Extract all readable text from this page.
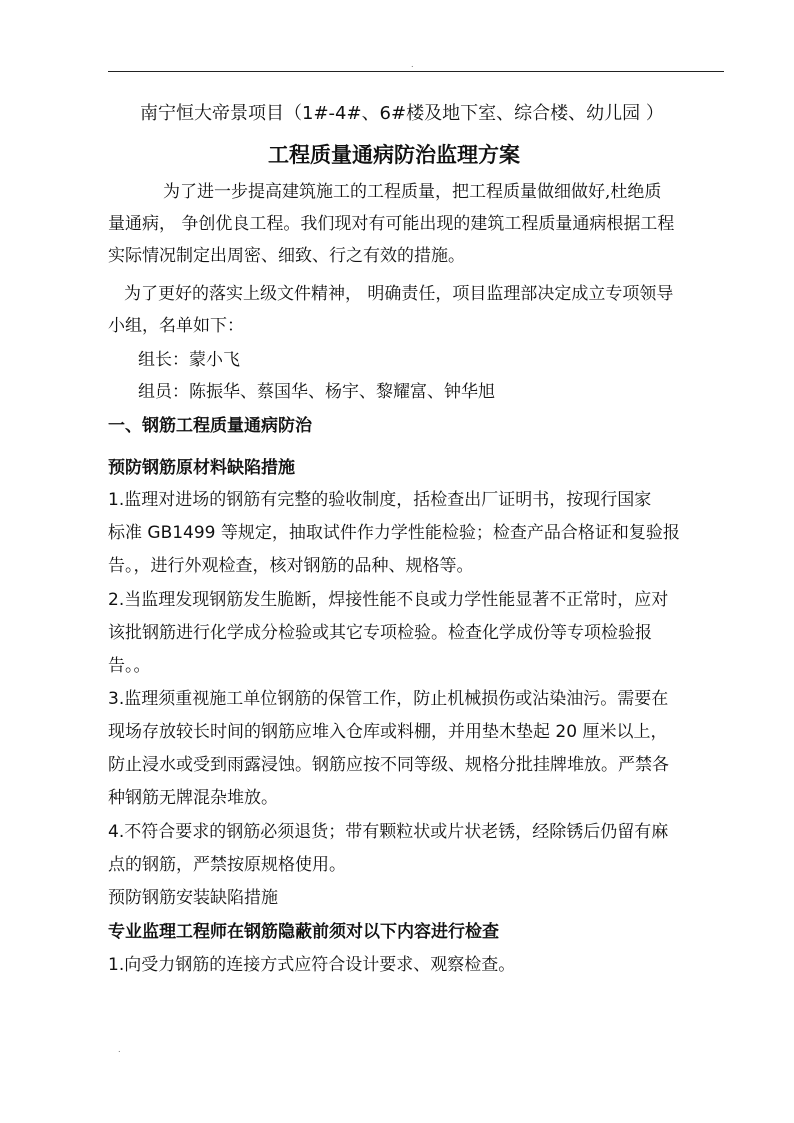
.
南宁恒大帝景项目（1#-4#、6#楼及地下室、综合楼、幼儿园 ）
工程质量通病防治监理方案
为了进一步提高建筑施工的工程质量，把工程质量做细做好,杜绝质
量通病， 争创优良工程。我们现对有可能出现的建筑工程质量通病根据工程
实际情况制定出周密、细致、行之有效的措施。
为了更好的落实上级文件精神， 明确责任，项目监理部决定成立专项领导
小组，名单如下：
组长：蒙小飞
组员：陈振华、蔡国华、杨宇、黎耀富、钟华旭
一、钢筋工程质量通病防治
预防钢筋原材料缺陷措施
1.监理对进场的钢筋有完整的验收制度，括检查出厂证明书，按现行国家
标准 GB1499 等规定，抽取试件作力学性能检验；检查产品合格证和复验报
告。，进行外观检查，核对钢筋的品种、规格等。
2.当监理发现钢筋发生脆断，焊接性能不良或力学性能显著不正常时，应对
该批钢筋进行化学成分检验或其它专项检验。检查化学成份等专项检验报
告。。
3.监理须重视施工单位钢筋的保管工作，防止机械损伤或沾染油污。需要在
现场存放较长时间的钢筋应堆入仓库或料棚，并用垫木垫起 20 厘米以上，
防止浸水或受到雨露浸蚀。钢筋应按不同等级、规格分批挂牌堆放。严禁各
种钢筋无牌混杂堆放。
4.不符合要求的钢筋必须退货；带有颗粒状或片状老锈，经除锈后仍留有麻
点的钢筋，严禁按原规格使用。
预防钢筋安装缺陷措施
专业监理工程师在钢筋隐蔽前须对以下内容进行检查
1.向受力钢筋的连接方式应符合设计要求、观察检查。
.
